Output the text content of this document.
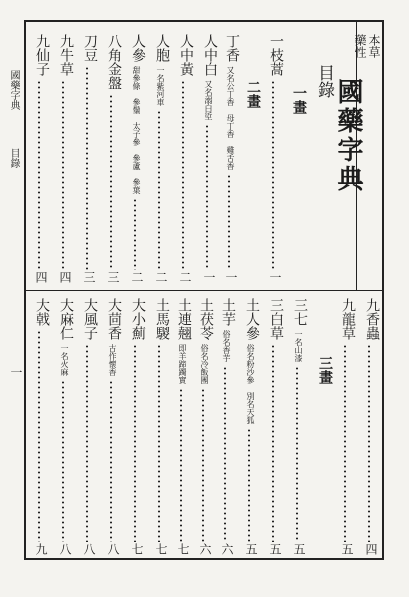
國藥字典
目錄
一
本草
藥性
國藥字典
目錄
一畫
一枝蒿
一
丁香
又名公丁香　母丁香　雞舌香
一
人中白
又名溺白垽
一
人中黃
二
人胞
一名紫河車
二
人參
甜參條　參鬚　太子參　參蘆　參葉
二
八角金盤
三
刀豆
三
九牛草
四
九仙子
四
二畫
九香蟲
四
九龍草
五
三七
一名山漆
五
三白草
五
土人參
俗名粉沙參　別名天狐
五
土芋
俗名香芋
六
土茯苓
俗名冷飯團
六
土連翹
即羊蹄躅實
七
土馬騣
七
大小薊
七
大茴香
古作懷香
八
大風子
八
大麻仁
一名火麻
八
大戟
九
三畫
